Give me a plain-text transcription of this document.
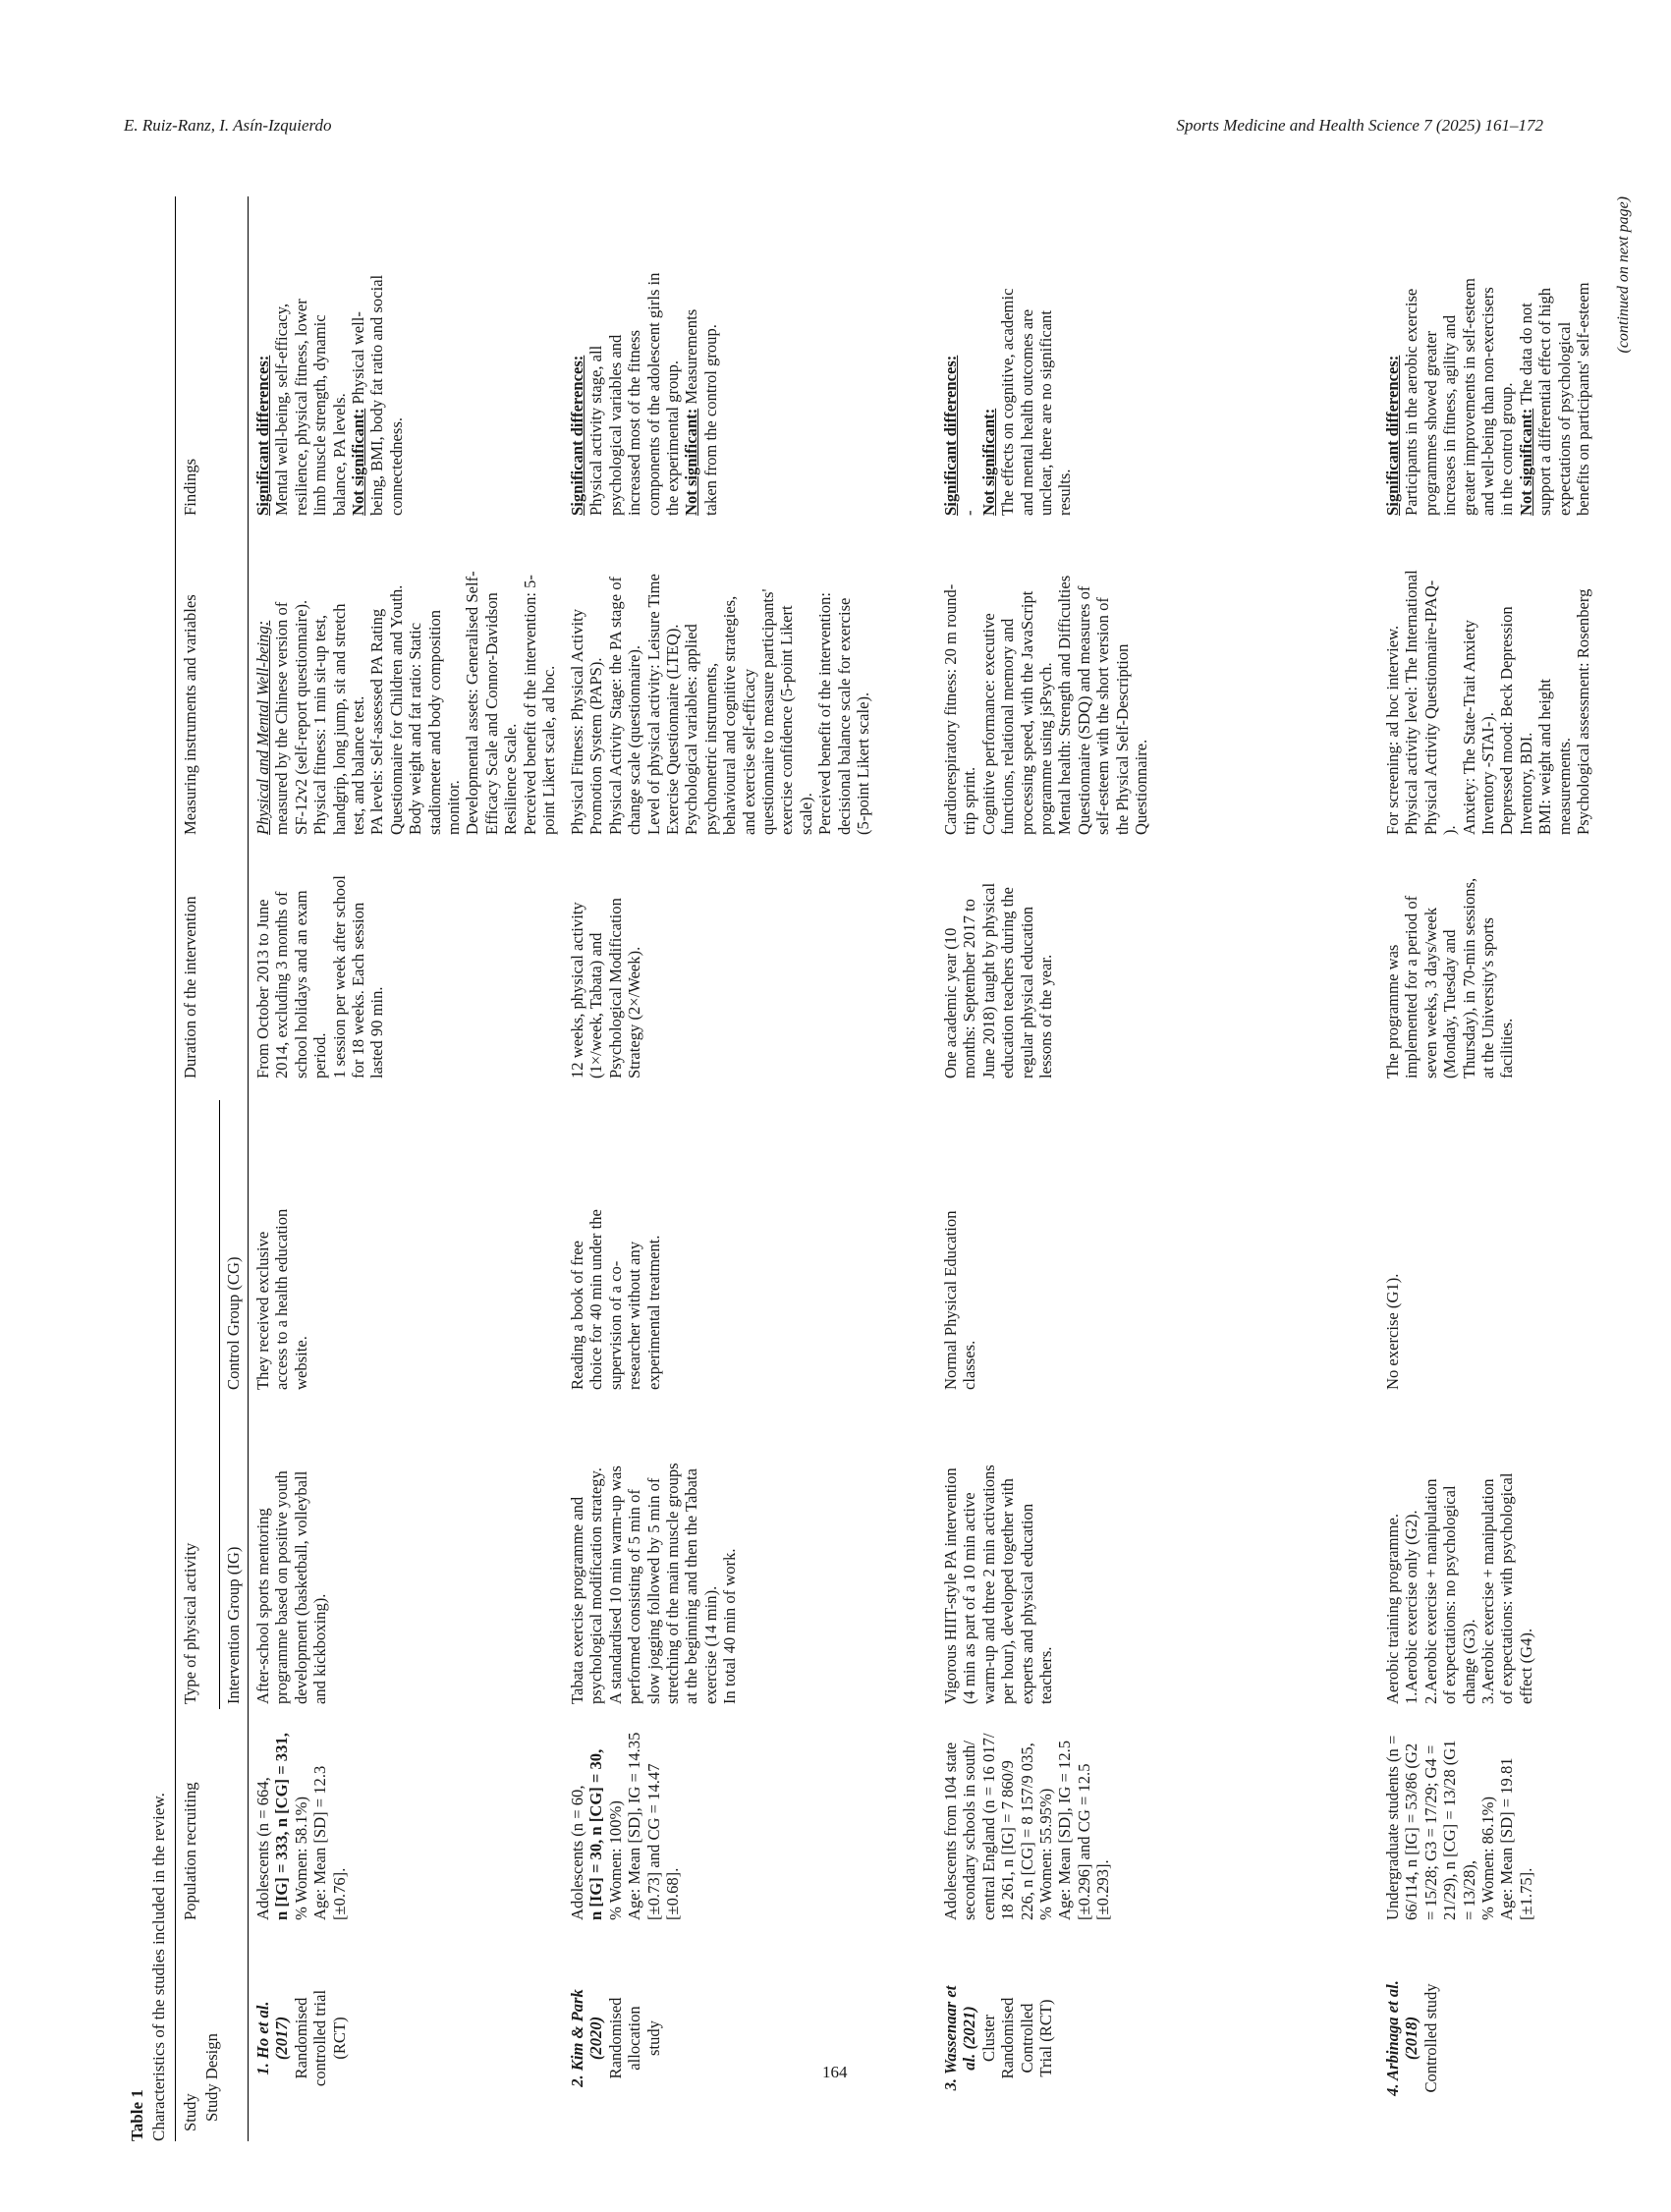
E. Ruiz-Ranz, I. Asín-Izquierdo	Sports Medicine and Health Science 7 (2025) 161–172
164
Table 1 Characteristics of the studies included in the review. Study Study Design
Population recruiting
Type of physical activity Intervention Group (IG)
Control Group (CG)
Duration of the intervention
Measuring instruments and variables
Findings
1. Ho et al. (2017) Randomised controlled trial (RCT)
Adolescents (n = 664, n [IG] = 333, n [CG] = 331, % Women: 58.1%) Age: Mean [SD] = 12.3 [±0.76].
After-school sports mentoring programme based on positive youth development (basketball, volleyball and kickboxing).
They received exclusive access to a health education website.
From October 2013 to June 2014, excluding 3 months of school holidays and an exam period. 1 session per week after school for 18 weeks. Each session lasted 90 min.
Physical and Mental Well-being: measured by the Chinese version of SF-12v2 (self-report questionnaire). Physical fitness: 1 min sit-up test, handgrip, long jump, sit and stretch test, and balance test. PA levels: Self-assessed PA Rating Questionnaire for Children and Youth. Body weight and fat ratio: Static stadiometer and body composition monitor. Developmental assets: Generalised Self- Efficacy Scale and Connor-Davidson Resilience Scale. Perceived benefit of the intervention: 5- point Likert scale, ad hoc.
Significant differences: Mental well-being, self-efficacy, resilience, physical fitness, lower limb muscle strength, dynamic balance, PA levels. Not significant: Physical well- being, BMI, body fat ratio and social connectedness.
2. Kim & Park (2020) Randomised allocation study
Adolescents (n = 60, n [IG] = 30, n [CG] = 30, % Women: 100%) Age: Mean [SD], IG = 14.35 [±0.73] and CG = 14.47 [±0.68].
Tabata exercise programme and psychological modification strategy. A standardised 10 min warm-up was performed consisting of 5 min of slow jogging followed by 5 min of stretching of the main muscle groups at the beginning and then the Tabata exercise (14 min). In total 40 min of work.
Reading a book of free choice for 40 min under the supervision of a co- researcher without any experimental treatment.
12 weeks, physical activity (1×/week, Tabata) and Psychological Modification Strategy (2×/Week).
Physical Fitness: Physical Activity Promotion System (PAPS). Physical Activity Stage: the PA stage of change scale (questionnaire). Level of physical activity: Leisure Time Exercise Questionnaire (LTEQ). Psychological variables: applied psychometric instruments, behavioural and cognitive strategies, and exercise self-efficacy questionnaire to measure participants' exercise confidence (5-point Likert scale). Perceived benefit of the intervention: decisional balance scale for exercise (5-point Likert scale).
Significant differences: Physical activity stage, all psychological variables and increased most of the fitness components of the adolescent girls in the experimental group. Not significant: Measurements taken from the control group.
3. Wassenaar et al. (2021) Cluster Randomised Controlled Trial (RCT)
Adolescents from 104 state secondary schools in south/ central England (n = 16 017/ 18 261, n [IG] = 7 860/9 226, n [CG] = 8 157/9 035, % Women: 55.95%) Age: Mean [SD], IG = 12.5 [±0.296] and CG = 12.5 [±0.293].
Vigorous HIIT-style PA intervention (4 min as part of a 10 min active warm-up and three 2 min activations per hour), developed together with experts and physical education teachers.
Normal Physical Education classes.
One academic year (10 months: September 2017 to June 2018) taught by physical education teachers during the regular physical education lessons of the year.
Cardiorespiratory fitness: 20 m round- trip sprint. Cognitive performance: executive functions, relational memory and processing speed, with the JavaScript programme using jsPsych. Mental health: Strength and Difficulties Questionnaire (SDQ) and measures of self-esteem with the short version of the Physical Self-Description Questionnaire.
Significant differences: - Not significant: The effects on cognitive, academic and mental health outcomes are unclear, there are no significant results.
4. Arbinaga et al. (2018) Controlled study
Undergraduate students (n = 66/114, n [IG] = 53/86 (G2 = 15/28; G3 = 17/29; G4 = 21/29), n [CG] = 13/28 (G1 = 13/28), % Women: 86.1%) Age: Mean [SD] = 19.81 [±1.75].
Aerobic training programme. 1.Aerobic exercise only (G2). 2.Aerobic exercise + manipulation of expectations: no psychological change (G3). 3.Aerobic exercise + manipulation of expectations: with psychological effect (G4).
No exercise (G1).
The programme was implemented for a period of seven weeks, 3 days/week (Monday, Tuesday and Thursday), in 70-min sessions, at the University's sports facilities.
For screening: ad hoc interview. Physical activity level: The International Physical Activity Questionnaire-IPAQ- ). Anxiety: The State-Trait Anxiety Inventory -STAI-). Depressed mood: Beck Depression Inventory, BDI. BMI: weight and height measurements. Psychological assessment: Rosenberg
Significant differences: Participants in the aerobic exercise programmes showed greater increases in fitness, agility and greater improvements in self-esteem and well-being than non-exercisers in the control group. Not significant: The data do not support a differential effect of high expectations of psychological benefits on participants' self-esteem
(continued on next page)
